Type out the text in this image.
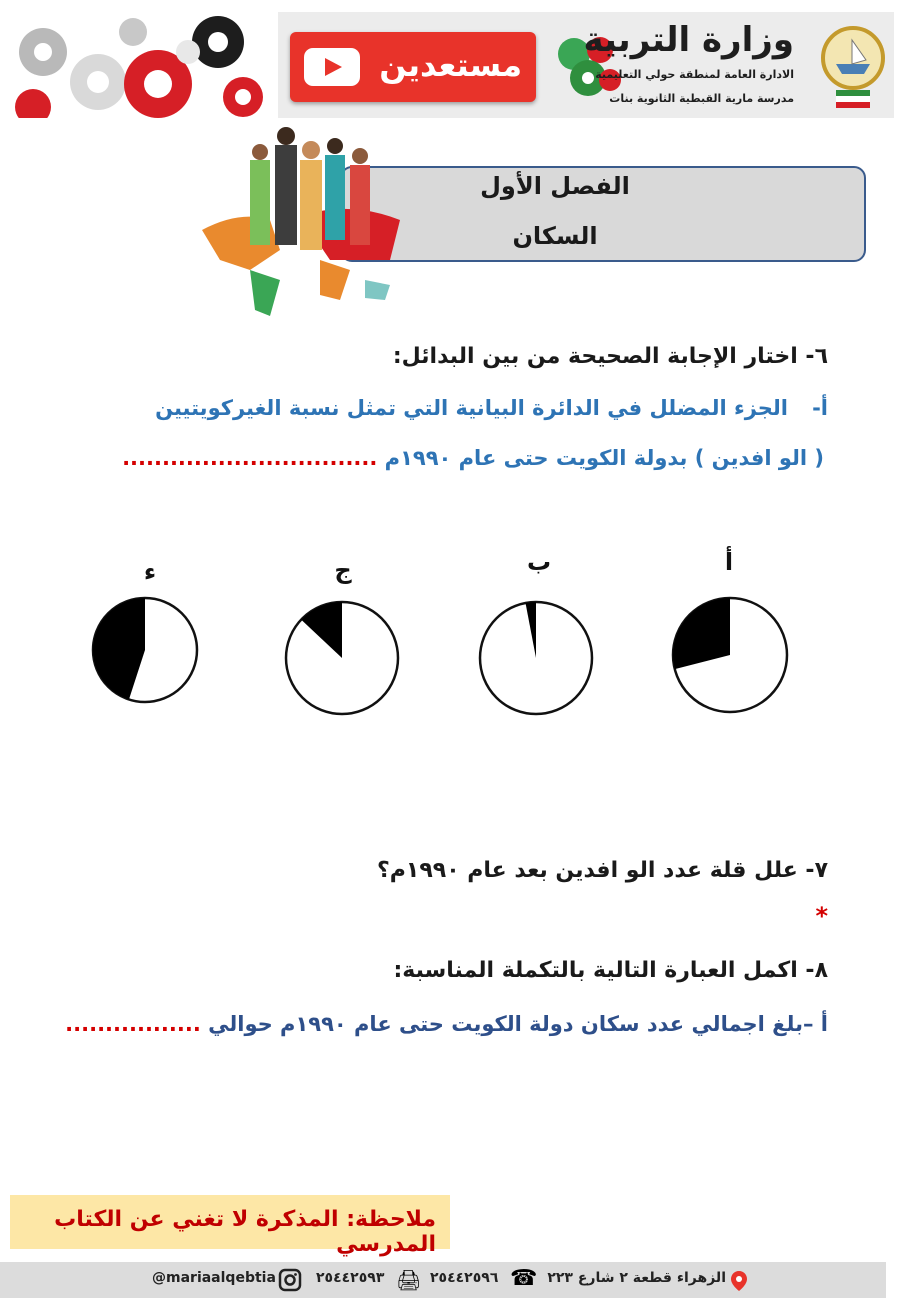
مستعدين
وزارة التربية
الادارة العامة لمنطقة حولي التعليمية
مدرسة مارية القبطية الثانوية بنات
الفصل الأول
السكان
٦- اختار الإجابة الصحيحة من بين البدائل:
أ-
الجزء المضلل في الدائرة البيانية التي تمثل نسبة الغيركويتيين
( الو افدين ) بدولة الكويت حتى عام ١٩٩٠م ................................
أ
ب
ج
ء
٧- علل قلة عدد الو افدين بعد عام ١٩٩٠م؟
*
٨- اكمل العبارة التالية بالتكملة المناسبة:
أ –بلغ اجمالي عدد سكان دولة الكويت حتى عام ١٩٩٠م حوالي .................
ملاحظة: المذكرة لا تغني عن الكتاب المدرسي
الزهراء قطعة ٢ شارع ٢٢٣
٢٥٤٤٢٥٩٦ ☎
٢٥٤٤٢٥٩٣ 🖨
@mariaalqebtia
